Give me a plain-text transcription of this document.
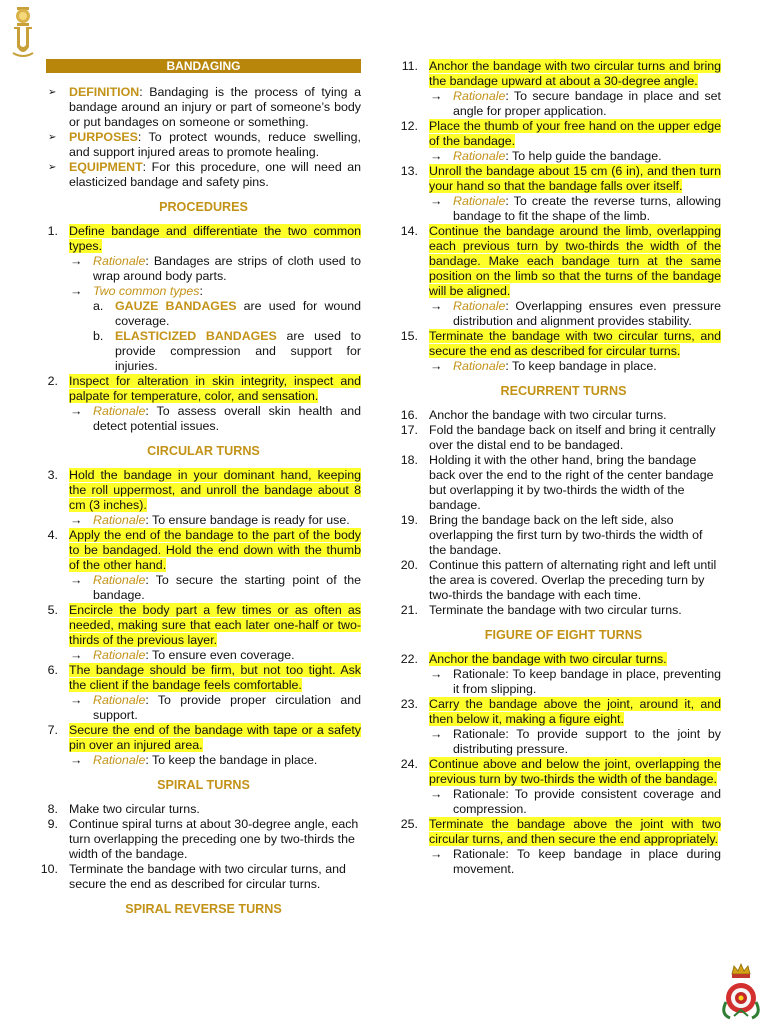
BANDAGING
➢ DEFINITION: Bandaging is the process of tying a bandage around an injury or part of someone’s body or put bandages on someone or something.
➢ PURPOSES: To protect wounds, reduce swelling, and support injured areas to promote healing.
➢ EQUIPMENT: For this procedure, one will need an elasticized bandage and safety pins.
PROCEDURES
1. Define bandage and differentiate the two common types.
→ Rationale: Bandages are strips of cloth used to wrap around body parts.
→ Two common types:
a. GAUZE BANDAGES are used for wound coverage.
b. ELASTICIZED BANDAGES are used to provide compression and support for injuries.
2. Inspect for alteration in skin integrity, inspect and palpate for temperature, color, and sensation.
→ Rationale: To assess overall skin health and detect potential issues.
CIRCULAR TURNS
3. Hold the bandage in your dominant hand, keeping the roll uppermost, and unroll the bandage about 8 cm (3 inches).
→ Rationale: To ensure bandage is ready for use.
4. Apply the end of the bandage to the part of the body to be bandaged. Hold the end down with the thumb of the other hand.
→ Rationale: To secure the starting point of the bandage.
5. Encircle the body part a few times or as often as needed, making sure that each later one-half or two-thirds of the previous layer.
→ Rationale: To ensure even coverage.
6. The bandage should be firm, but not too tight. Ask the client if the bandage feels comfortable.
→ Rationale: To provide proper circulation and support.
7. Secure the end of the bandage with tape or a safety pin over an injured area.
→ Rationale: To keep the bandage in place.
SPIRAL TURNS
8. Make two circular turns.
9. Continue spiral turns at about 30-degree angle, each turn overlapping the preceding one by two-thirds the width of the bandage.
10. Terminate the bandage with two circular turns, and secure the end as described for circular turns.
SPIRAL REVERSE TURNS
11. Anchor the bandage with two circular turns and bring the bandage upward at about a 30-degree angle.
→ Rationale: To secure bandage in place and set angle for proper application.
12. Place the thumb of your free hand on the upper edge of the bandage.
→ Rationale: To help guide the bandage.
13. Unroll the bandage about 15 cm (6 in), and then turn your hand so that the bandage falls over itself.
→ Rationale: To create the reverse turns, allowing bandage to fit the shape of the limb.
14. Continue the bandage around the limb, overlapping each previous turn by two-thirds the width of the bandage. Make each bandage turn at the same position on the limb so that the turns of the bandage will be aligned.
→ Rationale: Overlapping ensures even pressure distribution and alignment provides stability.
15. Terminate the bandage with two circular turns, and secure the end as described for circular turns.
→ Rationale: To keep bandage in place.
RECURRENT TURNS
16. Anchor the bandage with two circular turns.
17. Fold the bandage back on itself and bring it centrally over the distal end to be bandaged.
18. Holding it with the other hand, bring the bandage back over the end to the right of the center bandage but overlapping it by two-thirds the width of the bandage.
19. Bring the bandage back on the left side, also overlapping the first turn by two-thirds the width of the bandage.
20. Continue this pattern of alternating right and left until the area is covered. Overlap the preceding turn by two-thirds the bandage with each time.
21. Terminate the bandage with two circular turns.
FIGURE OF EIGHT TURNS
22. Anchor the bandage with two circular turns.
→ Rationale: To keep bandage in place, preventing it from slipping.
23. Carry the bandage above the joint, around it, and then below it, making a figure eight.
→ Rationale: To provide support to the joint by distributing pressure.
24. Continue above and below the joint, overlapping the previous turn by two-thirds the width of the bandage.
→ Rationale: To provide consistent coverage and compression.
25. Terminate the bandage above the joint with two circular turns, and then secure the end appropriately.
→ Rationale: To keep bandage in place during movement.
